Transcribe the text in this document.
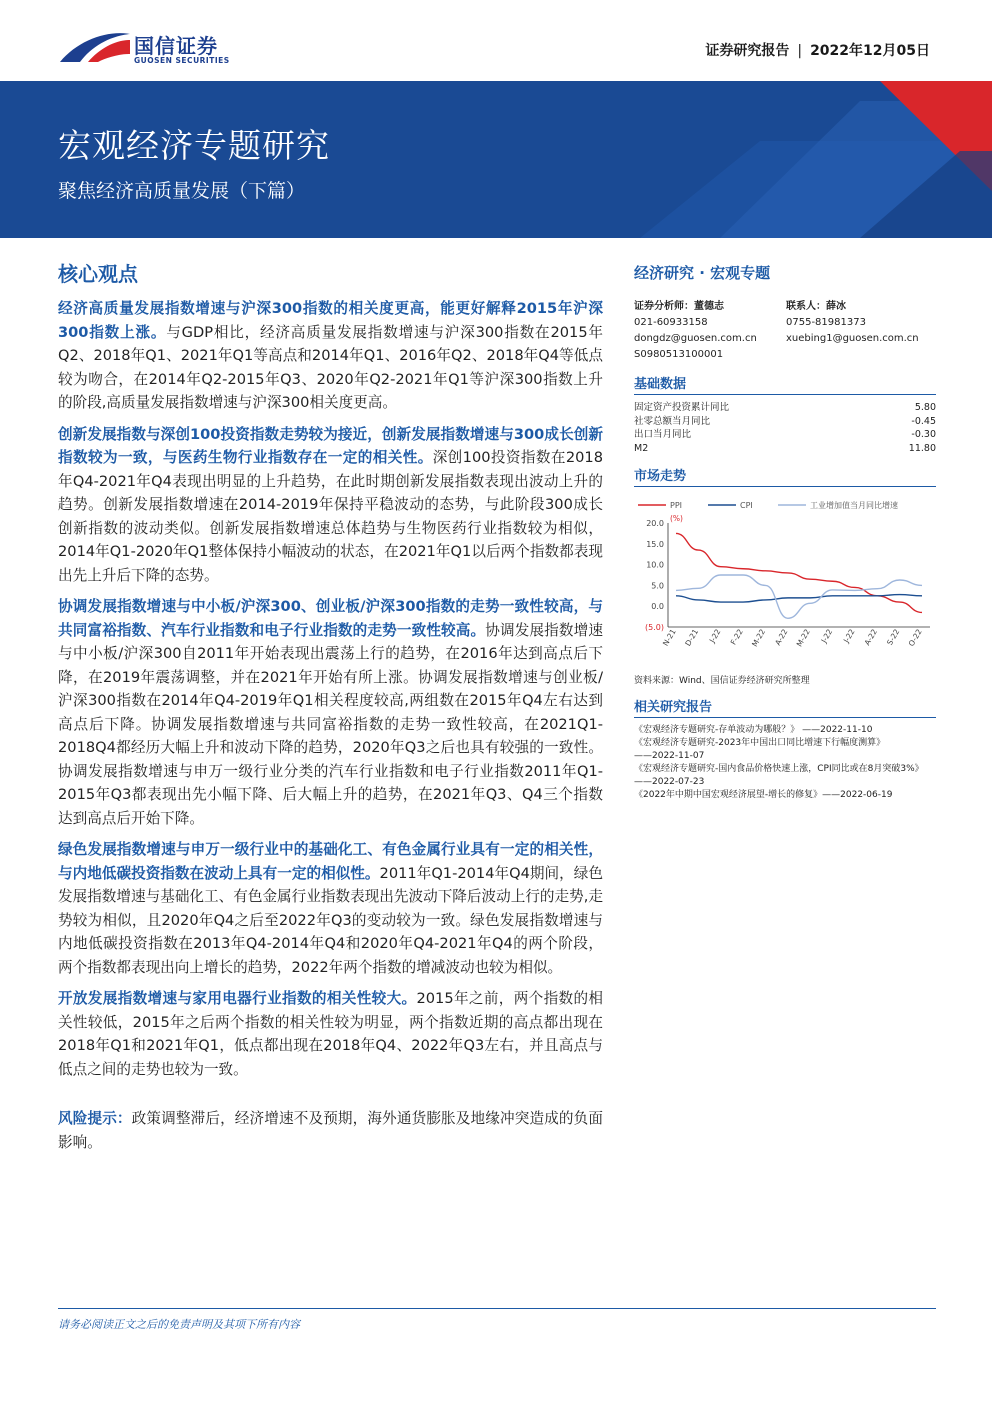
国信证券
GUOSEN SECURITIES
证券研究报告 | 2022年12月05日
宏观经济专题研究
聚焦经济高质量发展（下篇）
核心观点

经济高质量发展指数增速与沪深300指数的相关度更高，能更好解释2015年沪深300指数上涨。与GDP相比，经济高质量发展指数增速与沪深300指数在2015年Q2、2018年Q1、2021年Q1等高点和2014年Q1、2016年Q2、2018年Q4等低点较为吻合，在2014年Q2-2015年Q3、2020年Q2-2021年Q1等沪深300指数上升的阶段,高质量发展指数增速与沪深300相关度更高。

创新发展指数与深创100投资指数走势较为接近，创新发展指数增速与300成长创新指数较为一致，与医药生物行业指数存在一定的相关性。深创100投资指数在2018年Q4-2021年Q4表现出明显的上升趋势，在此时期创新发展指数表现出波动上升的趋势。创新发展指数增速在2014-2019年保持平稳波动的态势，与此阶段300成长创新指数的波动类似。创新发展指数增速总体趋势与生物医药行业指数较为相似，2014年Q1-2020年Q1整体保持小幅波动的状态，在2021年Q1以后两个指数都表现出先上升后下降的态势。

协调发展指数增速与中小板/沪深300、创业板/沪深300指数的走势一致性较高，与共同富裕指数、汽车行业指数和电子行业指数的走势一致性较高。协调发展指数增速与中小板/沪深300自2011年开始表现出震荡上行的趋势，在2016年达到高点后下降，在2019年震荡调整，并在2021年开始有所上涨。协调发展指数增速与创业板/沪深300指数在2014年Q4-2019年Q1相关程度较高,两组数在2015年Q4左右达到高点后下降。协调发展指数增速与共同富裕指数的走势一致性较高，在2021Q1-2018Q4都经历大幅上升和波动下降的趋势，2020年Q3之后也具有较强的一致性。协调发展指数增速与申万一级行业分类的汽车行业指数和电子行业指数2011年Q1-2015年Q3都表现出先小幅下降、后大幅上升的趋势，在2021年Q3、Q4三个指数达到高点后开始下降。

绿色发展指数增速与申万一级行业中的基础化工、有色金属行业具有一定的相关性，与内地低碳投资指数在波动上具有一定的相似性。2011年Q1-2014年Q4期间，绿色发展指数增速与基础化工、有色金属行业指数表现出先波动下降后波动上行的走势,走势较为相似，且2020年Q4之后至2022年Q3的变动较为一致。绿色发展指数增速与内地低碳投资指数在2013年Q4-2014年Q4和2020年Q4-2021年Q4的两个阶段，两个指数都表现出向上增长的趋势，2022年两个指数的增减波动也较为相似。

开放发展指数增速与家用电器行业指数的相关性较大。2015年之前，两个指数的相关性较低，2015年之后两个指数的相关性较为明显，两个指数近期的高点都出现在2018年Q1和2021年Q1，低点都出现在2018年Q4、2022年Q3左右，并且高点与低点之间的走势也较为一致。

风险提示：政策调整滞后，经济增速不及预期，海外通货膨胀及地缘冲突造成的负面影响。

经济研究 · 宏观专题
证券分析师：董德志
021-60933158
dongdz@guosen.com.cn
S0980513100001
联系人：薛冰
0755-81981373
xuebing1@guosen.com.cn
基础数据
固定资产投资累计同比	5.80
社零总额当月同比	-0.45
出口当月同比	-0.30
M2	11.80
市场走势
PPI	CPI	工业增加值当月同比增速
(%)
20.0
15.0
10.0
5.0
0.0
(5.0)
N-21 D-21 J-22 F-22 M-22 A-22 M-22 J-22 J-22 A-22 S-22 O-22
资料来源：Wind、国信证券经济研究所整理
相关研究报告
《宏观经济专题研究-存单波动为哪般？》 ——2022-11-10
《宏观经济专题研究-2023年中国出口同比增速下行幅度测算》
——2022-11-07
《宏观经济专题研究-国内食品价格快速上涨，CPI同比或在8月突破3%》 ——2022-07-23
《2022年中期中国宏观经济展望-增长的修复》——2022-06-19
请务必阅读正文之后的免责声明及其项下所有内容
